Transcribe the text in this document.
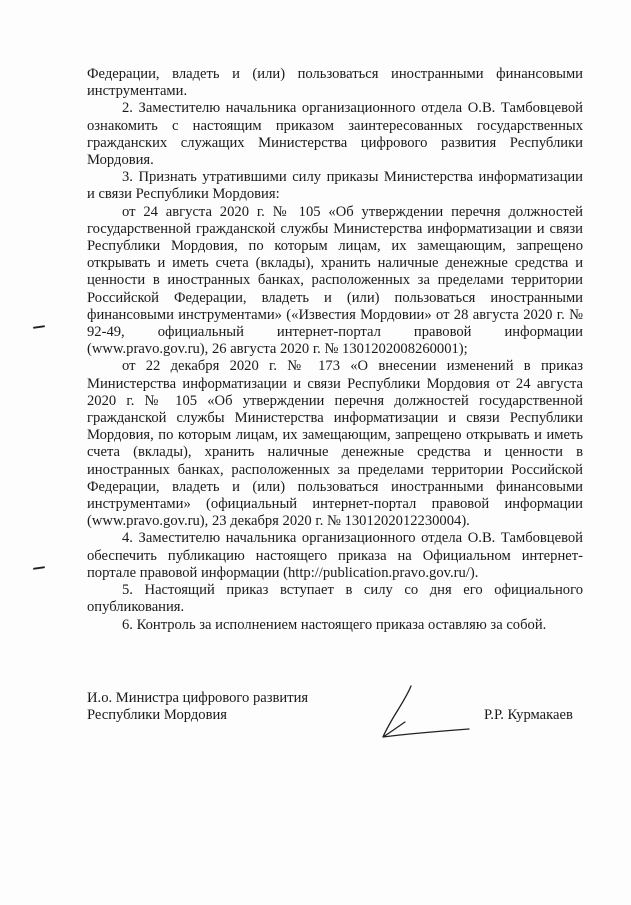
Федерации, владеть и (или) пользоваться иностранными финансовыми инструментами.

2. Заместителю начальника организационного отдела О.В. Тамбовцевой ознакомить с настоящим приказом заинтересованных государственных гражданских служащих Министерства цифрового развития Республики Мордовия.

3. Признать утратившими силу приказы Министерства информатизации и связи Республики Мордовия:

от 24 августа 2020 г. № 105 «Об утверждении перечня должностей государственной гражданской службы Министерства информатизации и связи Республики Мордовия, по которым лицам, их замещающим, запрещено открывать и иметь счета (вклады), хранить наличные денежные средства и ценности в иностранных банках, расположенных за пределами территории Российской Федерации, владеть и (или) пользоваться иностранными финансовыми инструментами» («Известия Мордовии» от 28 августа 2020 г. № 92-49, официальный интернет-портал правовой информации (www.pravo.gov.ru), 26 августа 2020 г. № 1301202008260001);

от 22 декабря 2020 г. № 173 «О внесении изменений в приказ Министерства информатизации и связи Республики Мордовия от 24 августа 2020 г. № 105 «Об утверждении перечня должностей государственной гражданской службы Министерства информатизации и связи Республики Мордовия, по которым лицам, их замещающим, запрещено открывать и иметь счета (вклады), хранить наличные денежные средства и ценности в иностранных банках, расположенных за пределами территории Российской Федерации, владеть и (или) пользоваться иностранными финансовыми инструментами» (официальный интернет-портал правовой информации (www.pravo.gov.ru), 23 декабря 2020 г. № 1301202012230004).

4. Заместителю начальника организационного отдела О.В. Тамбовцевой обеспечить публикацию настоящего приказа на Официальном интернет-портале правовой информации (http://publication.pravo.gov.ru/).

5. Настоящий приказ вступает в силу со дня его официального опубликования.

6. Контроль за исполнением настоящего приказа оставляю за собой.

И.о. Министра цифрового развития
Республики Мордовия	Р.Р. Курмакаев
